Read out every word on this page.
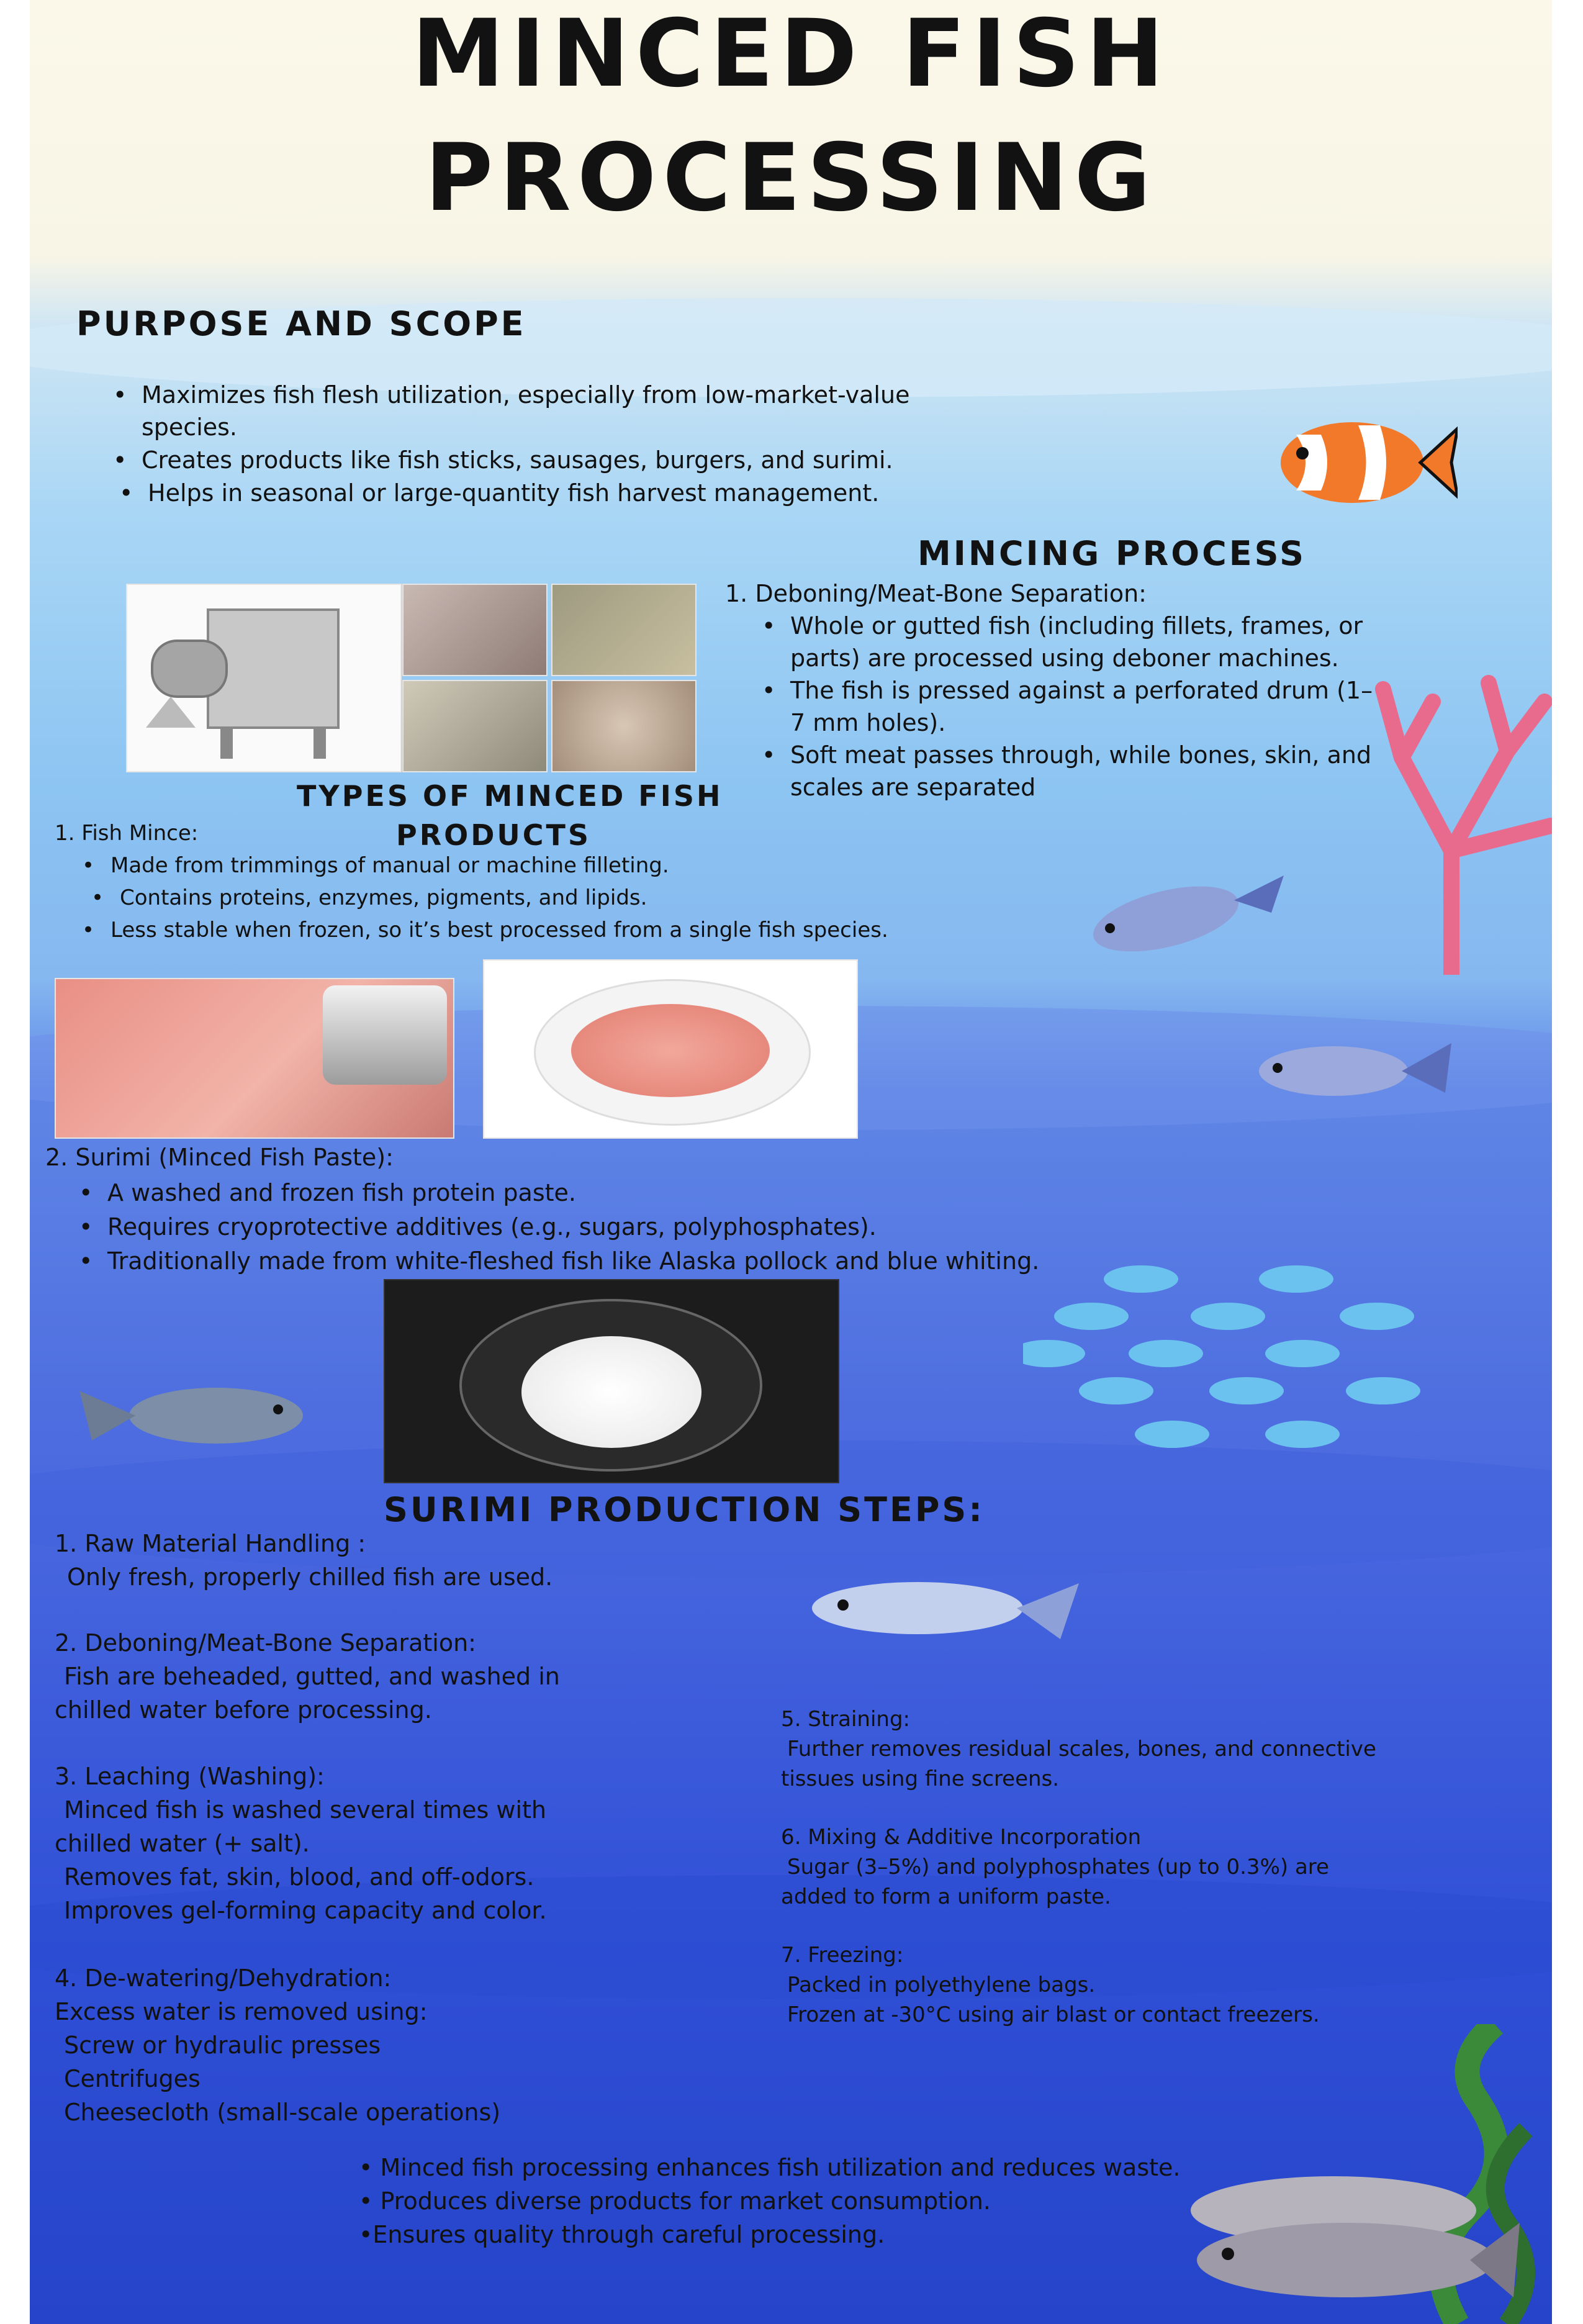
MINCED FISH
PROCESSING
PURPOSE AND SCOPE
• Maximizes fish flesh utilization, especially from low-market-value
species.
• Creates products like fish sticks, sausages, burgers, and surimi.
• Helps in seasonal or large-quantity fish harvest management.
MINCING PROCESS
1. Deboning/Meat-Bone Separation:
• Whole or gutted fish (including fillets, frames, or
parts) are processed using deboner machines.
• The fish is pressed against a perforated drum (1–
7 mm holes).
• Soft meat passes through, while bones, skin, and
scales are separated
TYPES OF MINCED FISH
PRODUCTS
1. Fish Mince:
• Made from trimmings of manual or machine filleting.
• Contains proteins, enzymes, pigments, and lipids.
• Less stable when frozen, so it’s best processed from a single fish species.
2. Surimi (Minced Fish Paste):
• A washed and frozen fish protein paste.
• Requires cryoprotective additives (e.g., sugars, polyphosphates).
• Traditionally made from white-fleshed fish like Alaska pollock and blue whiting.
SURIMI PRODUCTION STEPS:
1. Raw Material Handling :
Only fresh, properly chilled fish are used.
2. Deboning/Meat-Bone Separation:
Fish are beheaded, gutted, and washed in
chilled water before processing.
3. Leaching (Washing):
Minced fish is washed several times with
chilled water (+ salt).
Removes fat, skin, blood, and off-odors.
Improves gel-forming capacity and color.
4. De-watering/Dehydration:
Excess water is removed using:
Screw or hydraulic presses
Centrifuges
Cheesecloth (small-scale operations)
5. Straining:
Further removes residual scales, bones, and connective
tissues using fine screens.
6. Mixing & Additive Incorporation
Sugar (3–5%) and polyphosphates (up to 0.3%) are
added to form a uniform paste.
7. Freezing:
Packed in polyethylene bags.
Frozen at -30°C using air blast or contact freezers.
• Minced fish processing enhances fish utilization and reduces waste.
• Produces diverse products for market consumption.
•Ensures quality through careful processing.
